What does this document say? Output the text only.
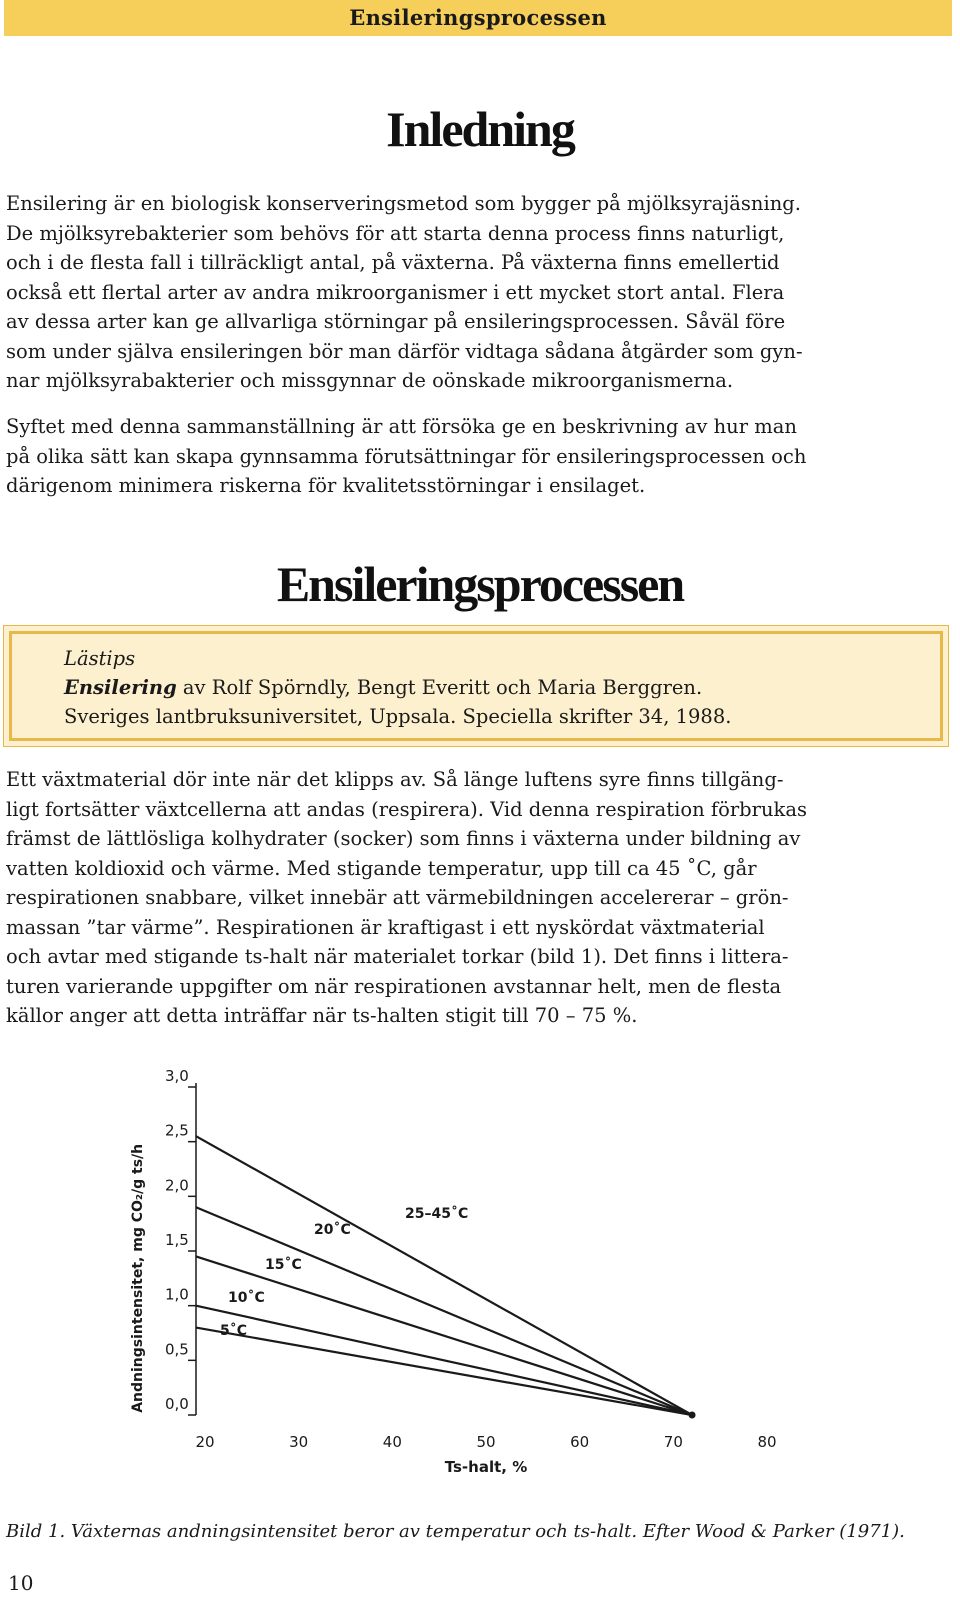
Ensileringsprocessen
Inledning

Ensilering är en biologisk konserveringsmetod som bygger på mjölksyrajäsning.

De mjölksyrebakterier som behövs för att starta denna process finns naturligt,

och i de flesta fall i tillräckligt antal, på växterna. På växterna finns emellertid

också ett flertal arter av andra mikroorganismer i ett mycket stort antal. Flera

av dessa arter kan ge allvarliga störningar på ensileringsprocessen. Såväl före

som under själva ensileringen bör man därför vidtaga sådana åtgärder som gyn-

nar mjölksyrabakterier och missgynnar de oönskade mikroorganismerna.

Syftet med denna sammanställning är att försöka ge en beskrivning av hur man

på olika sätt kan skapa gynnsamma förutsättningar för ensileringsprocessen och

därigenom minimera riskerna för kvalitetsstörningar i ensilaget.

Ensileringsprocessen
Lästips
Ensilering av Rolf Spörndly, Bengt Everitt och Maria Berggren.
Sveriges lantbruksuniversitet, Uppsala. Speciella skrifter 34, 1988.

Ett växtmaterial dör inte när det klipps av. Så länge luftens syre finns tillgäng-

ligt fortsätter växtcellerna att andas (respirera). Vid denna respiration förbrukas

främst de lättlösliga kolhydrater (socker) som finns i växterna under bildning av

vatten koldioxid och värme. Med stigande temperatur, upp till ca 45 ˚C, går

respirationen snabbare, vilket innebär att värmebildningen accelererar – grön-

massan ”tar värme”. Respirationen är kraftigast i ett nyskördat växtmaterial

och avtar med stigande ts-halt när materialet torkar (bild 1). Det finns i littera-

turen varierande uppgifter om när respirationen avstannar helt, men de flesta

källor anger att detta inträffar när ts-halten stigit till 70 – 75 %.

0,0
0,5
1,0
1,5
2,0
2,5
3,0
20	30	40	50	60	70	80
Ts-halt, %
Andningsintensitet, mg CO₂/g ts/h	5˚C
10˚C
15˚C
20˚C
25–45˚C

Bild 1. Växternas andningsintensitet beror av temperatur och ts-halt. Efter Wood & Parker (1971).

10
